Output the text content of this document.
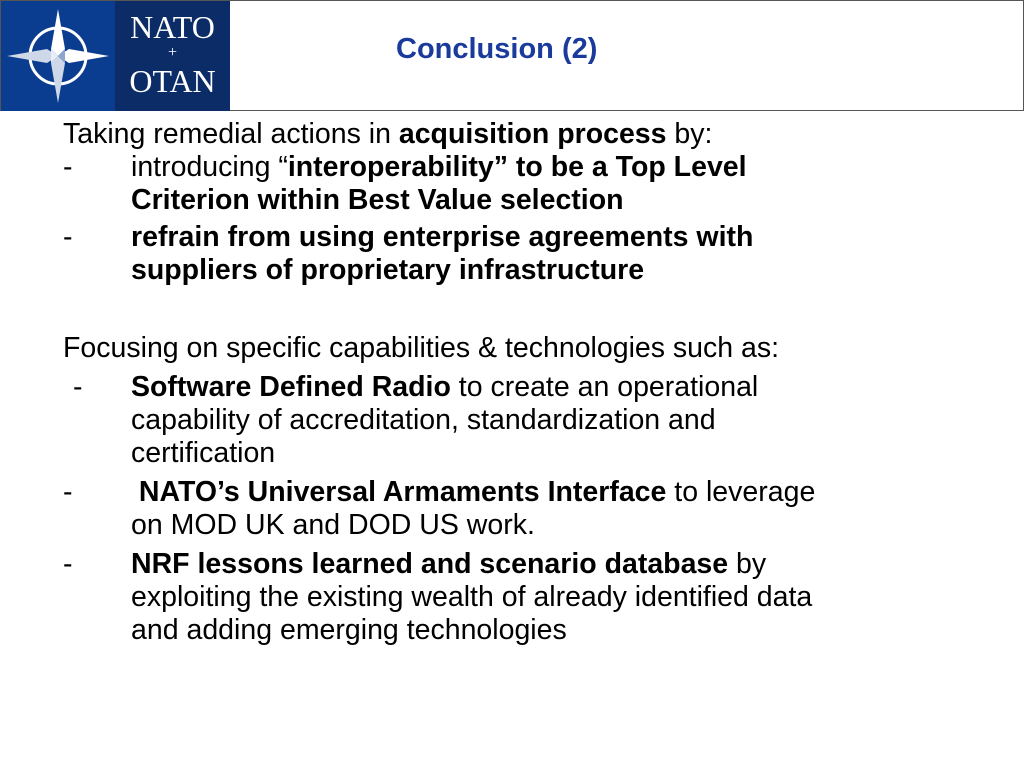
NATO
+
OTAN
Conclusion (2)
Taking remedial actions in acquisition process by:
- introducing “interoperability” to be a Top Level
Criterion within Best Value selection
- refrain from using enterprise agreements with
suppliers of proprietary infrastructure
Focusing on specific capabilities & technologies such as:
- Software Defined Radio to create an operational
capability of accreditation, standardization and
certification
- NATO’s Universal Armaments Interface to leverage
on MOD UK and DOD US work.
- NRF lessons learned and scenario database by
exploiting the existing wealth of already identified data
and adding emerging technologies
